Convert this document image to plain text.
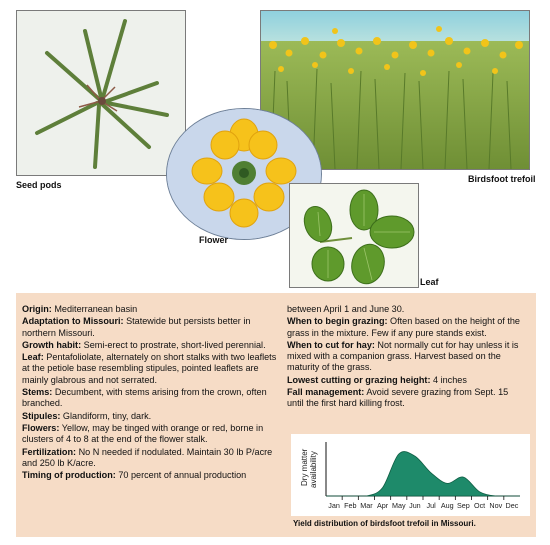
Seed pods
Birdsfoot trefoil
Flower
Leaf

Origin: Mediterranean basin

Adaptation to Missouri: Statewide but persists better in northern Missouri.

Growth habit: Semi-erect to prostrate, short-lived perennial.

Leaf: Pentafoliolate, alternately on short stalks with two leaflets at the petiole base resembling stipules, pointed leaflets are mainly glabrous and not serrated.

Stems: Decumbent, with stems arising from the crown, often branched.

Stipules: Glandiform, tiny, dark.

Flowers: Yellow, may be tinged with orange or red, borne in clusters of 4 to 8 at the end of the flower stalk.

Fertilization: No N needed if nodulated. Maintain 30 lb P/acre and 250 lb K/acre.

Timing of production: 70 percent of annual production

between April 1 and June 30.

When to begin grazing: Often based on the height of the grass in the mixture. Few if any pure stands exist.

When to cut for hay: Not normally cut for hay unless it is mixed with a companion grass. Harvest based on the maturity of the grass.

Lowest cutting or grazing height: 4 inches

Fall management: Avoid severe grazing from Sept. 15 until the first hard killing frost.

Dry matter availability
Jan Feb Mar Apr May Jun Jul Aug Sep Oct Nov Dec
Yield distribution of birdsfoot trefoil in Missouri.
